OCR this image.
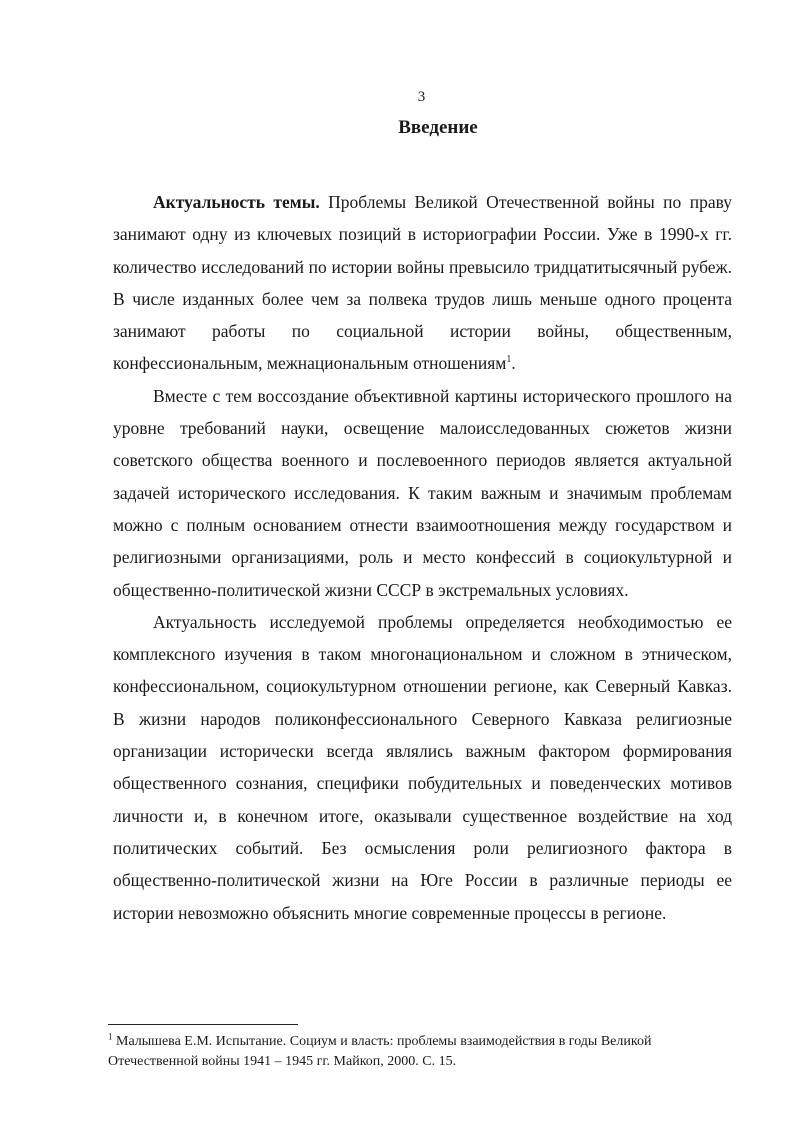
3
Введение

Актуальность темы. Проблемы Великой Отечественной войны по праву занимают одну из ключевых позиций в историографии России. Уже в 1990-х гг. количество исследований по истории войны превысило тридцатитысячный рубеж. В числе изданных более чем за полвека трудов лишь меньше одного процента занимают работы по социальной истории войны, общественным, конфессиональным, межнациональным отношениям$^1$.

Вместе с тем воссоздание объективной картины исторического прошлого на уровне требований науки, освещение малоисследованных сюжетов жизни советского общества военного и послевоенного периодов является актуальной задачей исторического исследования. К таким важным и значимым проблемам можно с полным основанием отнести взаимоотношения между государством и религиозными организациями, роль и место конфессий в социокультурной и общественно-политической жизни СССР в экстремальных условиях.

Актуальность исследуемой проблемы определяется необходимостью ее комплексного изучения в таком многонациональном и сложном в этническом, конфессиональном, социокультурном отношении регионе, как Северный Кавказ. В жизни народов поликонфессионального Северного Кавказа религиозные организации исторически всегда являлись важным фактором формирования общественного сознания, специфики побудительных и поведенческих мотивов личности и, в конечном итоге, оказывали существенное воздействие на ход политических событий. Без осмысления роли религиозного фактора в общественно-политической жизни на Юге России в различные периоды ее истории невозможно объяснить многие современные процессы в регионе.

$^1$ Малышева Е.М. Испытание. Социум и власть: проблемы взаимодействия в годы Великой Отечественной войны 1941 – 1945 гг. Майкоп, 2000. С. 15.
